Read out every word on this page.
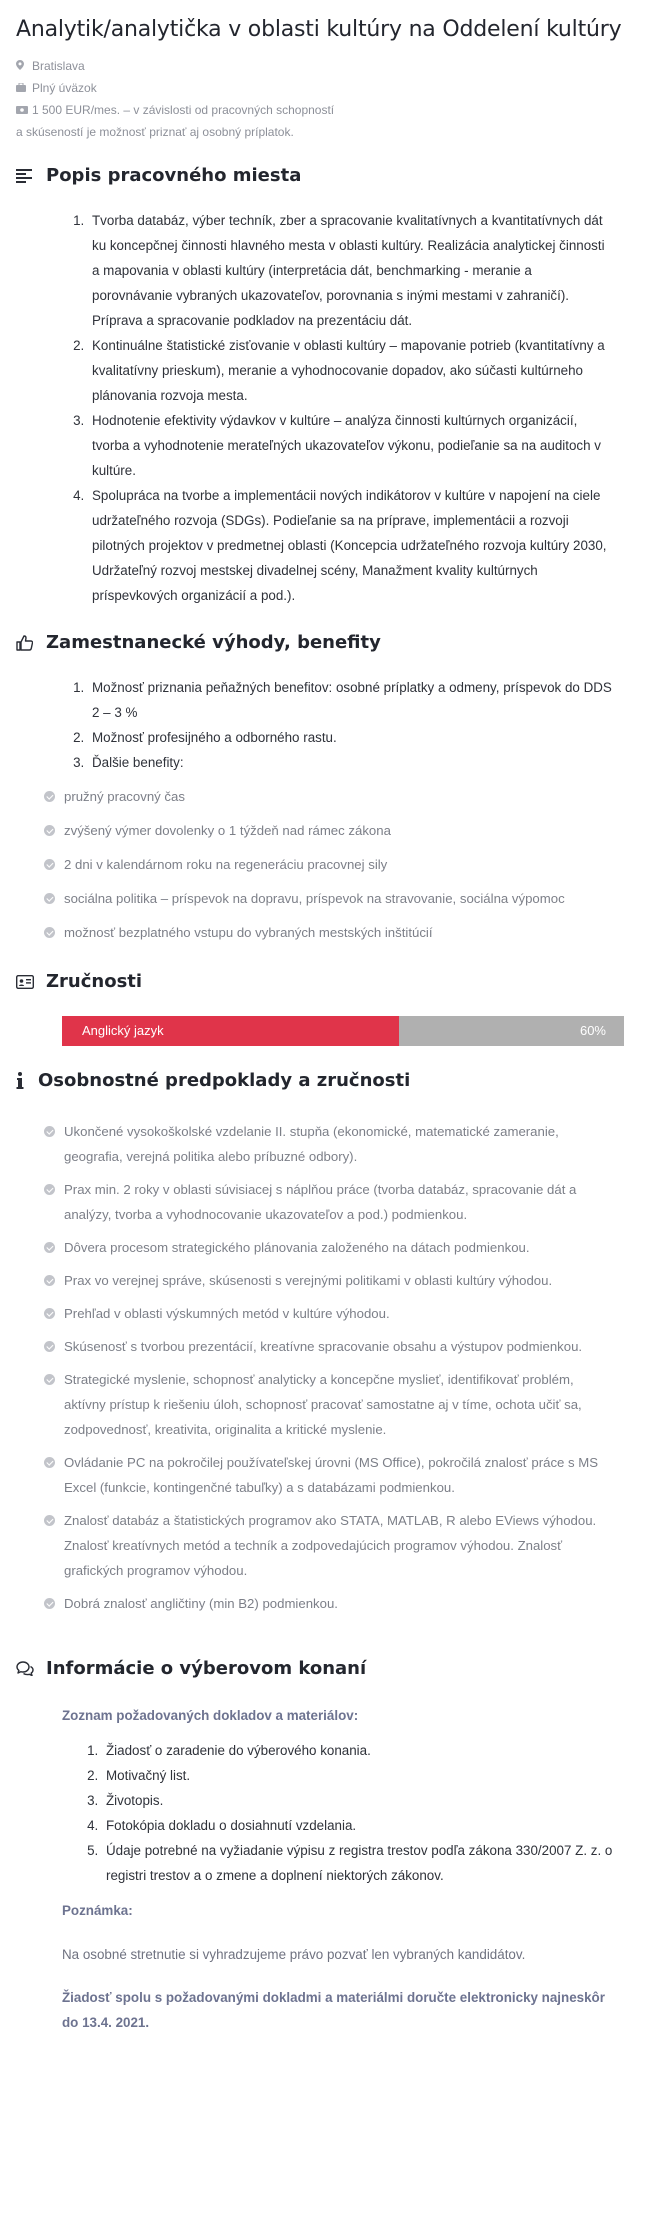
Analytik/analytička v oblasti kultúry na Oddelení kultúry
Bratislava
Plný úväzok
1 500 EUR/mes. – v závislosti od pracovných schopností a skúseností je možnosť priznať aj osobný príplatok.
Popis pracovného miesta
1. Tvorba databáz, výber techník, zber a spracovanie kvalitatívnych a kvantitatívnych dát ku koncepčnej činnosti hlavného mesta v oblasti kultúry. Realizácia analytickej činnosti a mapovania v oblasti kultúry (interpretácia dát, benchmarking - meranie a porovnávanie vybraných ukazovateľov, porovnania s inými mestami v zahraničí). Príprava a spracovanie podkladov na prezentáciu dát.
2. Kontinuálne štatistické zisťovanie v oblasti kultúry – mapovanie potrieb (kvantitatívny a kvalitatívny prieskum), meranie a vyhodnocovanie dopadov, ako súčasti kultúrneho plánovania rozvoja mesta.
3. Hodnotenie efektivity výdavkov v kultúre – analýza činnosti kultúrnych organizácií, tvorba a vyhodnotenie merateľných ukazovateľov výkonu, podieľanie sa na auditoch v kultúre.
4. Spolupráca na tvorbe a implementácii nových indikátorov v kultúre v napojení na ciele udržateľného rozvoja (SDGs). Podieľanie sa na príprave, implementácii a rozvoji pilotných projektov v predmetnej oblasti (Koncepcia udržateľného rozvoja kultúry 2030, Udržateľný rozvoj mestskej divadelnej scény, Manažment kvality kultúrnych príspevkových organizácií a pod.).
Zamestnanecké výhody, benefity
1. Možnosť priznania peňažných benefitov: osobné príplatky a odmeny, príspevok do DDS 2 – 3 %
2. Možnosť profesijného a odborného rastu.
3. Ďalšie benefity:
pružný pracovný čas
zvýšený výmer dovolenky o 1 týždeň nad rámec zákona
2 dni v kalendárnom roku na regeneráciu pracovnej sily
sociálna politika – príspevok na dopravu, príspevok na stravovanie, sociálna výpomoc
možnosť bezplatného vstupu do vybraných mestských inštitúcií
Zručnosti
Anglický jazyk	60%
Osobnostné predpoklady a zručnosti
Ukončené vysokoškolské vzdelanie II. stupňa (ekonomické, matematické zameranie, geografia, verejná politika alebo príbuzné odbory).
Prax min. 2 roky v oblasti súvisiacej s náplňou práce (tvorba databáz, spracovanie dát a analýzy, tvorba a vyhodnocovanie ukazovateľov a pod.) podmienkou.
Dôvera procesom strategického plánovania založeného na dátach podmienkou.
Prax vo verejnej správe, skúsenosti s verejnými politikami v oblasti kultúry výhodou.
Prehľad v oblasti výskumných metód v kultúre výhodou.
Skúsenosť s tvorbou prezentácií, kreatívne spracovanie obsahu a výstupov podmienkou.
Strategické myslenie, schopnosť analyticky a koncepčne myslieť, identifikovať problém, aktívny prístup k riešeniu úloh, schopnosť pracovať samostatne aj v tíme, ochota učiť sa, zodpovednosť, kreativita, originalita a kritické myslenie.
Ovládanie PC na pokročilej používateľskej úrovni (MS Office), pokročilá znalosť práce s MS Excel (funkcie, kontingenčné tabuľky) a s databázami podmienkou.
Znalosť databáz a štatistických programov ako STATA, MATLAB, R alebo EViews výhodou. Znalosť kreatívnych metód a techník a zodpovedajúcich programov výhodou. Znalosť grafických programov výhodou.
Dobrá znalosť angličtiny (min B2) podmienkou.
Informácie o výberovom konaní
Zoznam požadovaných dokladov a materiálov:
1. Žiadosť o zaradenie do výberového konania.
2. Motivačný list.
3. Životopis.
4. Fotokópia dokladu o dosiahnutí vzdelania.
5. Údaje potrebné na vyžiadanie výpisu z registra trestov podľa zákona 330/2007 Z. z. o registri trestov a o zmene a doplnení niektorých zákonov.
Poznámka:
Na osobné stretnutie si vyhradzujeme právo pozvať len vybraných kandidátov.
Žiadosť spolu s požadovanými dokladmi a materiálmi doručte elektronicky najneskôr do 13.4. 2021.
